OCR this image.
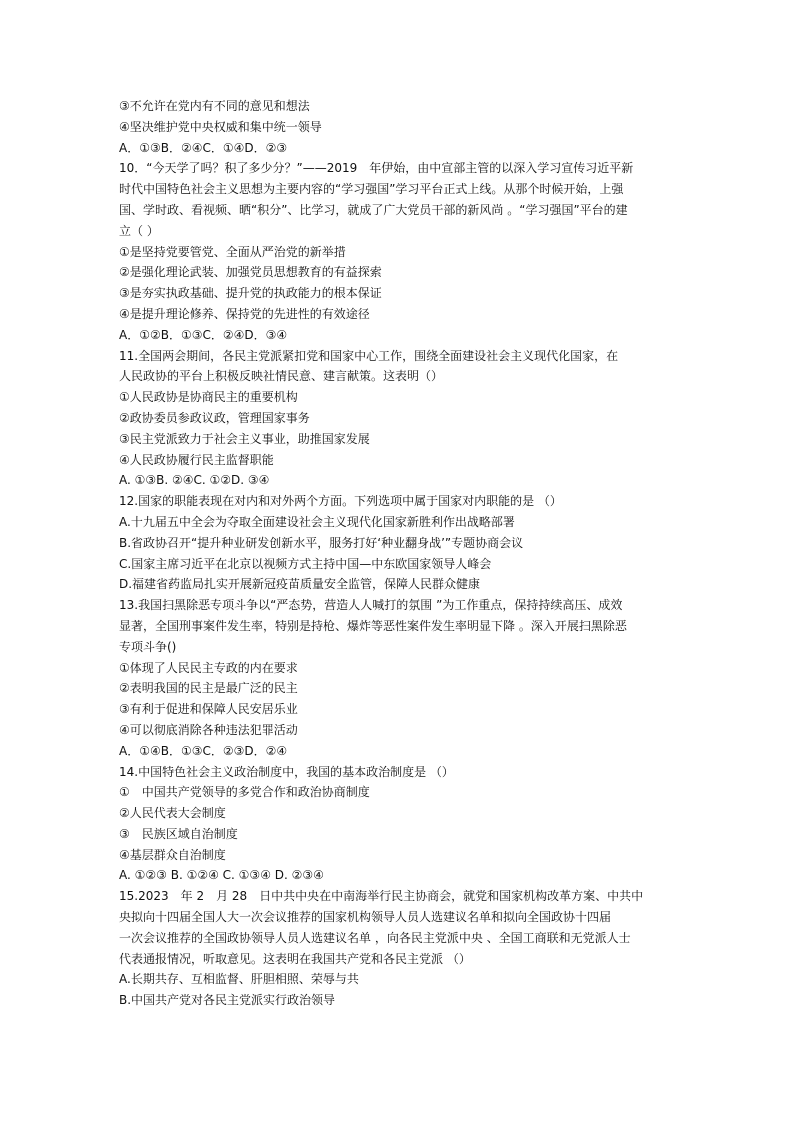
③不允许在党内有不同的意见和想法
④坚决维护党中央权威和集中统一领导
A．①③B．②④C．①④D．②③
10．“今天学了吗？积了多少分？”——2019　年伊始，由中宣部主管的以深入学习宣传习近平新
时代中国特色社会主义思想为主要内容的“学习强国”学习平台正式上线。从那个时候开始，上强
国、学时政、看视频、晒“积分”、比学习，就成了广大党员干部的新风尚 。“学习强国”平台的建
立（ ）
①是坚持党要管党、全面从严治党的新举措
②是强化理论武装、加强党员思想教育的有益探索
③是夯实执政基础、提升党的执政能力的根本保证
④是提升理论修养、保持党的先进性的有效途径
A．①②B．①③C．②④D．③④
11.全国两会期间，各民主党派紧扣党和国家中心工作，围绕全面建设社会主义现代化国家，在
人民政协的平台上积极反映社情民意、建言献策。这表明（）
①人民政协是协商民主的重要机构
②政协委员参政议政，管理国家事务
③民主党派致力于社会主义事业，助推国家发展
④人民政协履行民主监督职能
A. ①③B. ②④C. ①②D. ③④
12.国家的职能表现在对内和对外两个方面。下列选项中属于国家对内职能的是 （）
A.十九届五中全会为夺取全面建设社会主义现代化国家新胜利作出战略部署
B.省政协召开“提升种业研发创新水平，服务打好‘种业翻身战’”专题协商会议
C.国家主席习近平在北京以视频方式主持中国—中东欧国家领导人峰会
D.福建省药监局扎实开展新冠疫苗质量安全监管，保障人民群众健康
13.我国扫黑除恶专项斗争以“严态势，营造人人喊打的氛围 ”为工作重点，保持持续高压、成效
显著，全国刑事案件发生率，特别是持枪、爆炸等恶性案件发生率明显下降 。深入开展扫黑除恶
专项斗争()
①体现了人民民主专政的内在要求
②表明我国的民主是最广泛的民主
③有利于促进和保障人民安居乐业
④可以彻底消除各种违法犯罪活动
A．①④B．①③C．②③D．②④
14.中国特色社会主义政治制度中，我国的基本政治制度是 （）
①　中国共产党领导的多党合作和政治协商制度
②人民代表大会制度
③　民族区域自治制度
④基层群众自治制度
A. ①②③ B. ①②④ C. ①③④ D. ②③④
15.2023　年 2　月 28　日中共中央在中南海举行民主协商会，就党和国家机构改革方案、中共中
央拟向十四届全国人大一次会议推荐的国家机构领导人员人选建议名单和拟向全国政协十四届
一次会议推荐的全国政协领导人员人选建议名单 ，向各民主党派中央 、全国工商联和无党派人士
代表通报情况，听取意见。这表明在我国共产党和各民主党派 （）
A.长期共存、互相监督、肝胆相照、荣辱与共
B.中国共产党对各民主党派实行政治领导
